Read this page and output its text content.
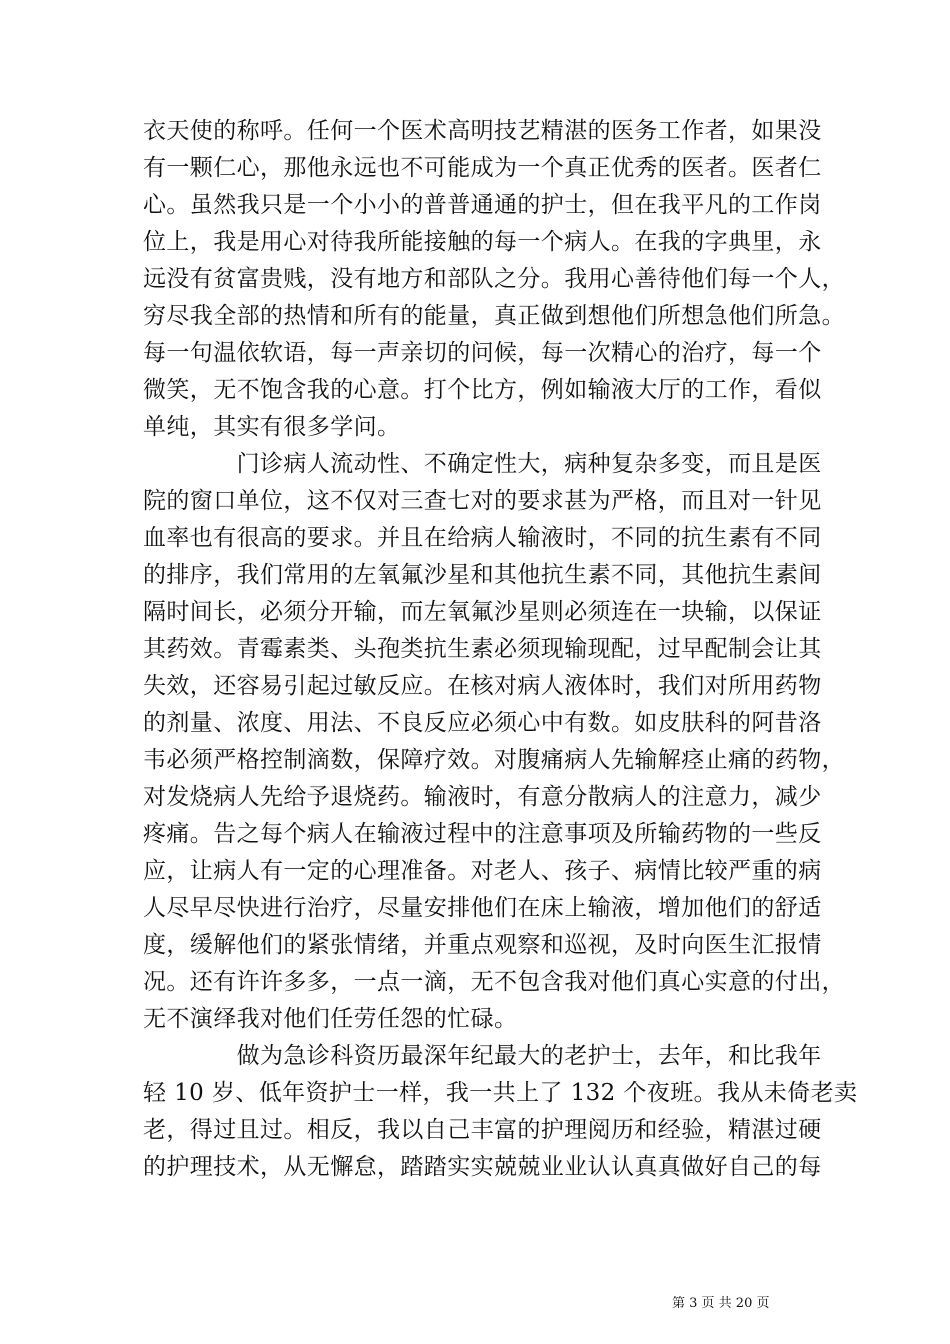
衣天使的称呼。任何一个医术高明技艺精湛的医务工作者，如果没
有一颗仁心，那他永远也不可能成为一个真正优秀的医者。医者仁
心。虽然我只是一个小小的普普通通的护士，但在我平凡的工作岗
位上，我是用心对待我所能接触的每一个病人。在我的字典里，永
远没有贫富贵贱，没有地方和部队之分。我用心善待他们每一个人，
穷尽我全部的热情和所有的能量，真正做到想他们所想急他们所急。
每一句温依软语，每一声亲切的问候，每一次精心的治疗，每一个
微笑，无不饱含我的心意。打个比方，例如输液大厅的工作，看似
单纯，其实有很多学问。
　　　　门诊病人流动性、不确定性大，病种复杂多变，而且是医
院的窗口单位，这不仅对三查七对的要求甚为严格，而且对一针见
血率也有很高的要求。并且在给病人输液时，不同的抗生素有不同
的排序，我们常用的左氧氟沙星和其他抗生素不同，其他抗生素间
隔时间长，必须分开输，而左氧氟沙星则必须连在一块输，以保证
其药效。青霉素类、头孢类抗生素必须现输现配，过早配制会让其
失效，还容易引起过敏反应。在核对病人液体时，我们对所用药物
的剂量、浓度、用法、不良反应必须心中有数。如皮肤科的阿昔洛
韦必须严格控制滴数，保障疗效。对腹痛病人先输解痉止痛的药物，
对发烧病人先给予退烧药。输液时，有意分散病人的注意力，减少
疼痛。告之每个病人在输液过程中的注意事项及所输药物的一些反
应，让病人有一定的心理准备。对老人、孩子、病情比较严重的病
人尽早尽快进行治疗，尽量安排他们在床上输液，增加他们的舒适
度，缓解他们的紧张情绪，并重点观察和巡视，及时向医生汇报情
况。还有许许多多，一点一滴，无不包含我对他们真心实意的付出，
无不演绎我对他们任劳任怨的忙碌。
　　　　做为急诊科资历最深年纪最大的老护士，去年，和比我年
轻 10 岁、低年资护士一样，我一共上了 132 个夜班。我从未倚老卖
老，得过且过。相反，我以自己丰富的护理阅历和经验，精湛过硬
的护理技术，从无懈怠，踏踏实实兢兢业业认认真真做好自己的每
第 3 页 共 20 页
